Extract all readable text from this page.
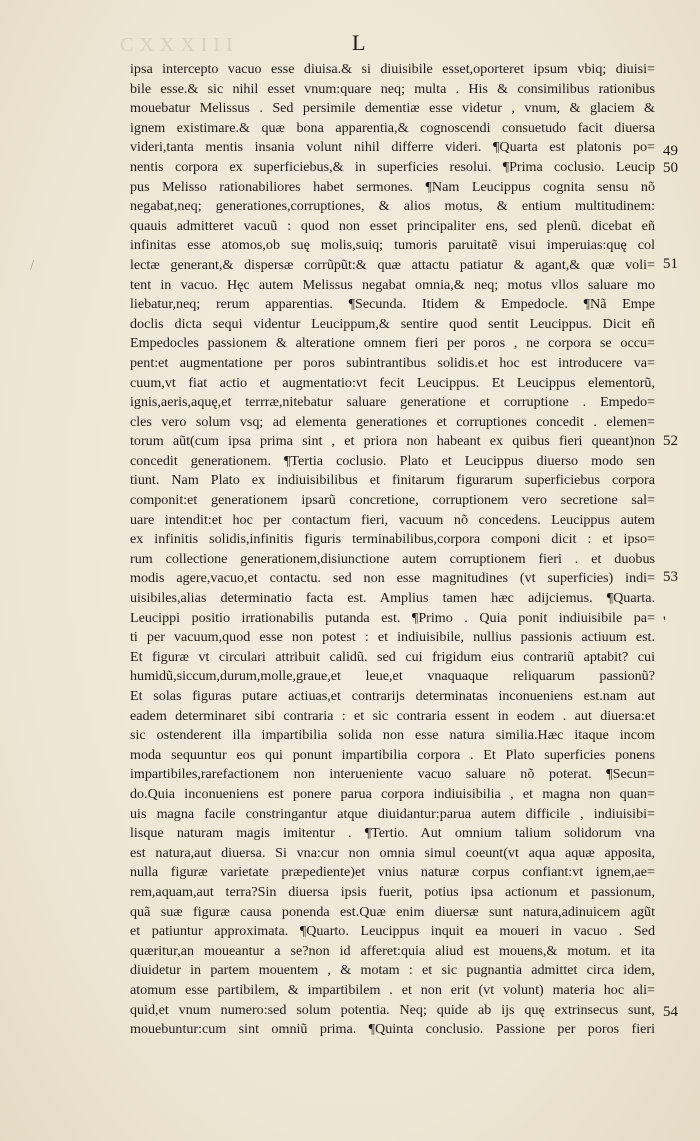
CXXXIII	L
/
ipsa intercepto vacuo esse diuisa.& si diuisibile esset,oporteret ipsum vbiq; diuisi=
bile esse.& sic nihil esset vnum:quare neq; multa . His & consimilibus rationibus
mouebatur Melissus . Sed persimile dementiæ esse videtur , vnum, & glaciem &
ignem existimare.& quæ bona apparentia,& cognoscendi consuetudo facit diuersa
videri,tanta mentis insania volunt nihil differre videri. ¶Quarta est platonis po=
nentis corpora ex superficiebus,& in superficies resolui. ¶Prima coclusio. Leucip
pus Melisso rationabiliores habet sermones. ¶Nam Leucippus cognita sensu nõ
negabat,neq; generationes,corruptiones, & alios motus, & entium multitudinem:
quauis admitteret vacuũ : quod non esset principaliter ens, sed plenũ. dicebat eñ
infinitas esse atomos,ob suę molis,suiq; tumoris paruitatẽ visui imperuias:quę col
lectæ generant,& dispersæ corrũpũt:& quæ attactu patiatur & agant,& quæ voli=
tent in vacuo. Hęc autem Melissus negabat omnia,& neq; motus vllos saluare mo
liebatur,neq; rerum apparentias. ¶Secunda. Itidem & Empedocle. ¶Nã Empe
doclis dicta sequi videntur Leucippum,& sentire quod sentit Leucippus. Dicit eñ
Empedocles passionem & alteratione omnem fieri per poros , ne corpora se occu=
pent:et augmentatione per poros subintrantibus solidis.et hoc est introducere va=
cuum,vt fiat actio et augmentatio:vt fecit Leucippus. Et Leucippus elementorũ,
ignis,aeris,aquę,et terrræ,nitebatur saluare generatione et corruptione . Empedo=
cles vero solum vsq; ad elementa generationes et corruptiones concedit . elemen=
torum aũt(cum ipsa prima sint , et priora non habeant ex quibus fieri queant)non
concedit generationem. ¶Tertia coclusio. Plato et Leucippus diuerso modo sen
tiunt. Nam Plato ex indiuisibilibus et finitarum figurarum superficiebus corpora
componit:et generationem ipsarũ concretione, corruptionem vero secretione sal=
uare intendit:et hoc per contactum fieri, vacuum nõ concedens. Leucippus autem
ex infinitis solidis,infinitis figuris terminabilibus,corpora componi dicit : et ipso=
rum collectione generationem,disiunctione autem corruptionem fieri . et duobus
modis agere,vacuo,et contactu. sed non esse magnitudines (vt superficies) indi=
uisibiles,alias determinatio facta est. Amplius tamen hæc adijciemus. ¶Quarta.
Leucippi positio irrationabilis putanda est. ¶Primo . Quia ponit indiuisibile pa=
ti per vacuum,quod esse non potest : et indiuisibile, nullius passionis actiuum est.
Et figuræ vt circulari attribuit calidũ. sed cui frigidum eius contrariũ aptabit? cui
humidũ,siccum,durum,molle,graue,et leue,et vnaquaque reliquarum passionũ?
Et solas figuras putare actiuas,et contrarijs determinatas inconueniens est.nam aut
eadem determinaret sibi contraria : et sic contraria essent in eodem . aut diuersa:et
sic ostenderent illa impartibilia solida non esse natura similia.Hæc itaque incom
moda sequuntur eos qui ponunt impartibilia corpora . Et Plato superficies ponens
impartibiles,rarefactionem non interueniente vacuo saluare nõ poterat. ¶Secun=
do.Quia inconueniens est ponere parua corpora indiuisibilia , et magna non quan=
uis magna facile constringantur atque diuidantur:parua autem difficile , indiuisibi=
lisque naturam magis imitentur . ¶Tertio. Aut omnium talium solidorum vna
est natura,aut diuersa. Si vna:cur non omnia simul coeunt(vt aqua aquæ apposita,
nulla figuræ varietate præpediente)et vnius naturæ corpus confiant:vt ignem,ae=
rem,aquam,aut terra?Sin diuersa ipsis fuerit, potius ipsa actionum et passionum,
quã suæ figuræ causa ponenda est.Quæ enim diuersæ sunt natura,adinuicem agũt
et patiuntur approximata. ¶Quarto. Leucippus inquit ea moueri in vacuo . Sed
quæritur,an moueantur a se?non id afferet:quia aliud est mouens,& motum. et ita
diuidetur in partem mouentem , & motam : et sic pugnantia admittet circa idem,
atomum esse partibilem, & impartibilem . et non erit (vt volunt) materia hoc ali=
quid,et vnum numero:sed solum potentia. Neq; quide ab ijs quę extrinsecus sunt,
mouebuntur:cum sint omniũ prima. ¶Quinta conclusio. Passione per poros fieri
49
50
51
52
53
'
54
